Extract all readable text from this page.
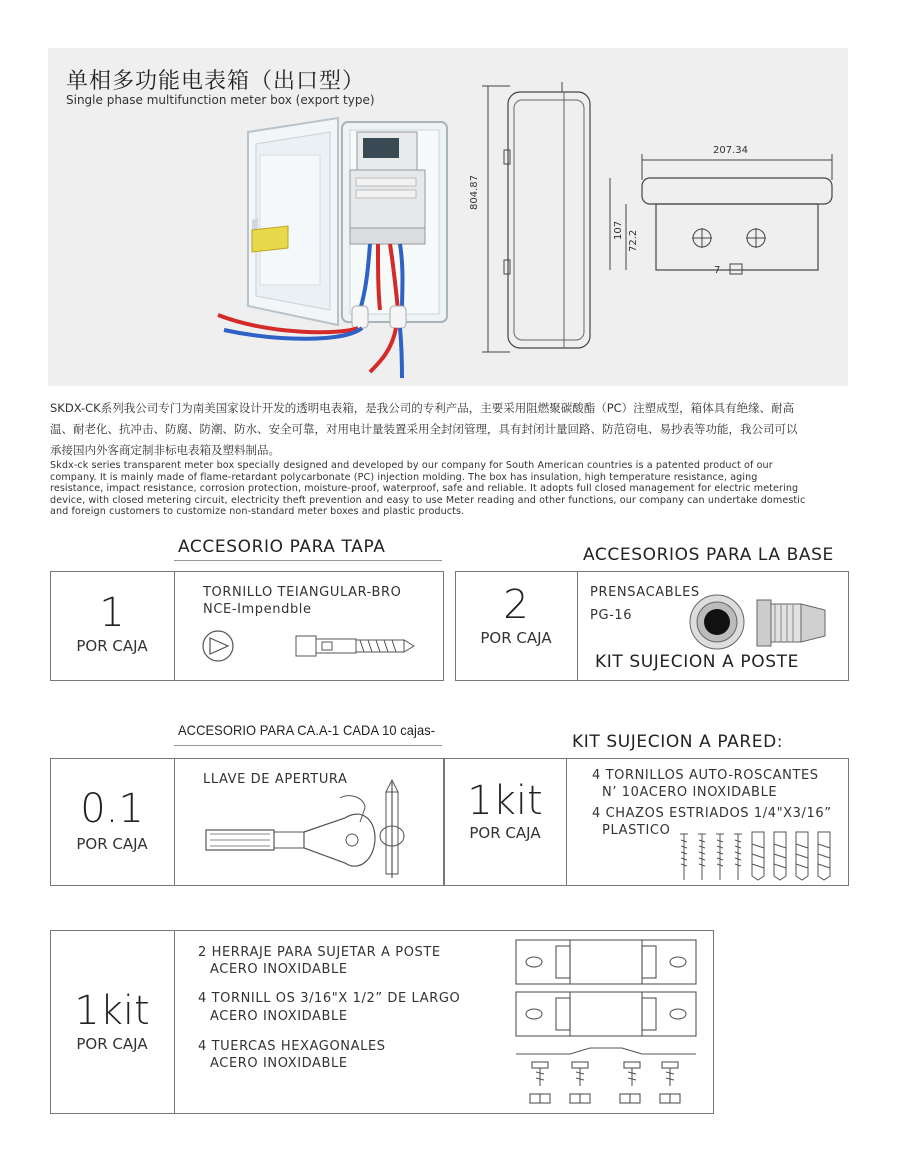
单相多功能电表箱（出口型）
Single phase multifunction meter box (export type)
804.87
207.34
107 72.2
7
SKDX-CK系列我公司专门为南美国家设计开发的透明电表箱，是我公司的专利产品，主要采用阻燃聚碳酸酯（PC）注塑成型，箱体具有绝缘、耐高
温、耐老化、抗冲击、防腐、防潮、防水、安全可靠，对用电计量装置采用全封闭管理，具有封闭计量回路、防范窃电、易抄表等功能，我公司可以
承接国内外客商定制非标电表箱及塑料制品。
Skdx-ck series transparent meter box specially designed and developed by our company for South American countries is a patented product of our
company. It is mainly made of flame-retardant polycarbonate (PC) injection molding. The box has insulation, high temperature resistance, aging
resistance, impact resistance, corrosion protection, moisture-proof, waterproof, safe and reliable. It adopts full closed management for electric metering
device, with closed metering circuit, electricity theft prevention and easy to use Meter reading and other functions, our company can undertake domestic
and foreign customers to customize non-standard meter boxes and plastic products.
ACCESORIO PARA TAPA
1
POR CAJA
TORNILLO TEIANGULAR-BRO
NCE-Impendble
ACCESORIOS PARA LA BASE
2
POR CAJA
PRENSACABLES
PG-16
KIT SUJECION A POSTE
ACCESORIO PARA CA.A-1 CADA 10 cajas-
0.1
POR CAJA
LLAVE DE APERTURA
KIT SUJECION A PARED:
1kit
POR CAJA
4 TORNILLOS AUTO-ROSCANTES
N’ 10ACERO INOXIDABLE
4 CHAZOS ESTRIADOS 1/4"X3/16”
PLASTICO
1kit
POR CAJA
2 HERRAJE PARA SUJETAR A POSTE
ACERO INOXIDABLE
4 TORNILL OS 3/16"X 1/2” DE LARGO
ACERO INOXIDABLE
4 TUERCAS HEXAGONALES
ACERO INOXIDABLE
